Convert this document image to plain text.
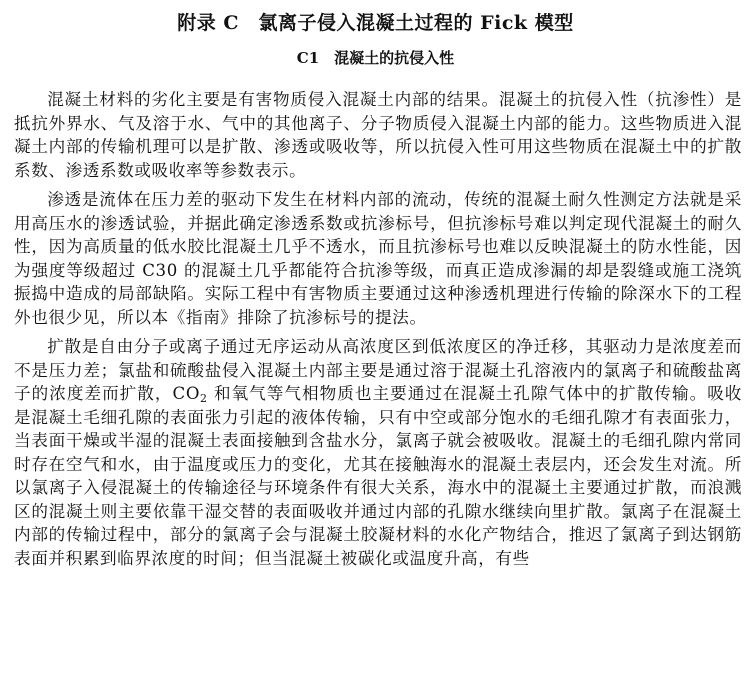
附录 C　氯离子侵入混凝土过程的 Fick 模型
C1　混凝土的抗侵入性

混凝土材料的劣化主要是有害物质侵入混凝土内部的结果。混凝土的抗侵入性（抗渗性）是抵抗外界水、气及溶于水、气中的其他离子、分子物质侵入混凝土内部的能力。这些物质进入混凝土内部的传输机理可以是扩散、渗透或吸收等，所以抗侵入性可用这些物质在混凝土中的扩散系数、渗透系数或吸收率等参数表示。

渗透是流体在压力差的驱动下发生在材料内部的流动，传统的混凝土耐久性测定方法就是采用高压水的渗透试验，并据此确定渗透系数或抗渗标号，但抗渗标号难以判定现代混凝土的耐久性，因为高质量的低水胶比混凝土几乎不透水，而且抗渗标号也难以反映混凝土的防水性能，因为强度等级超过 C30 的混凝土几乎都能符合抗渗等级，而真正造成渗漏的却是裂缝或施工浇筑振捣中造成的局部缺陷。实际工程中有害物质主要通过这种渗透机理进行传输的除深水下的工程外也很少见，所以本《指南》排除了抗渗标号的提法。

扩散是自由分子或离子通过无序运动从高浓度区到低浓度区的净迁移，其驱动力是浓度差而不是压力差；氯盐和硫酸盐侵入混凝土内部主要是通过溶于混凝土孔溶液内的氯离子和硫酸盐离子的浓度差而扩散，$CO_2$ 和氧气等气相物质也主要通过在混凝土孔隙气体中的扩散传输。吸收是混凝土毛细孔隙的表面张力引起的液体传输，只有中空或部分饱水的毛细孔隙才有表面张力，当表面干燥或半湿的混凝土表面接触到含盐水分，氯离子就会被吸收。混凝土的毛细孔隙内常同时存在空气和水，由于温度或压力的变化，尤其在接触海水的混凝土表层内，还会发生对流。所以氯离子入侵混凝土的传输途径与环境条件有很大关系，海水中的混凝土主要通过扩散，而浪溅区的混凝土则主要依靠干湿交替的表面吸收并通过内部的孔隙水继续向里扩散。氯离子在混凝土内部的传输过程中，部分的氯离子会与混凝土胶凝材料的水化产物结合，推迟了氯离子到达钢筋表面并积累到临界浓度的时间；但当混凝土被碳化或温度升高，有些
